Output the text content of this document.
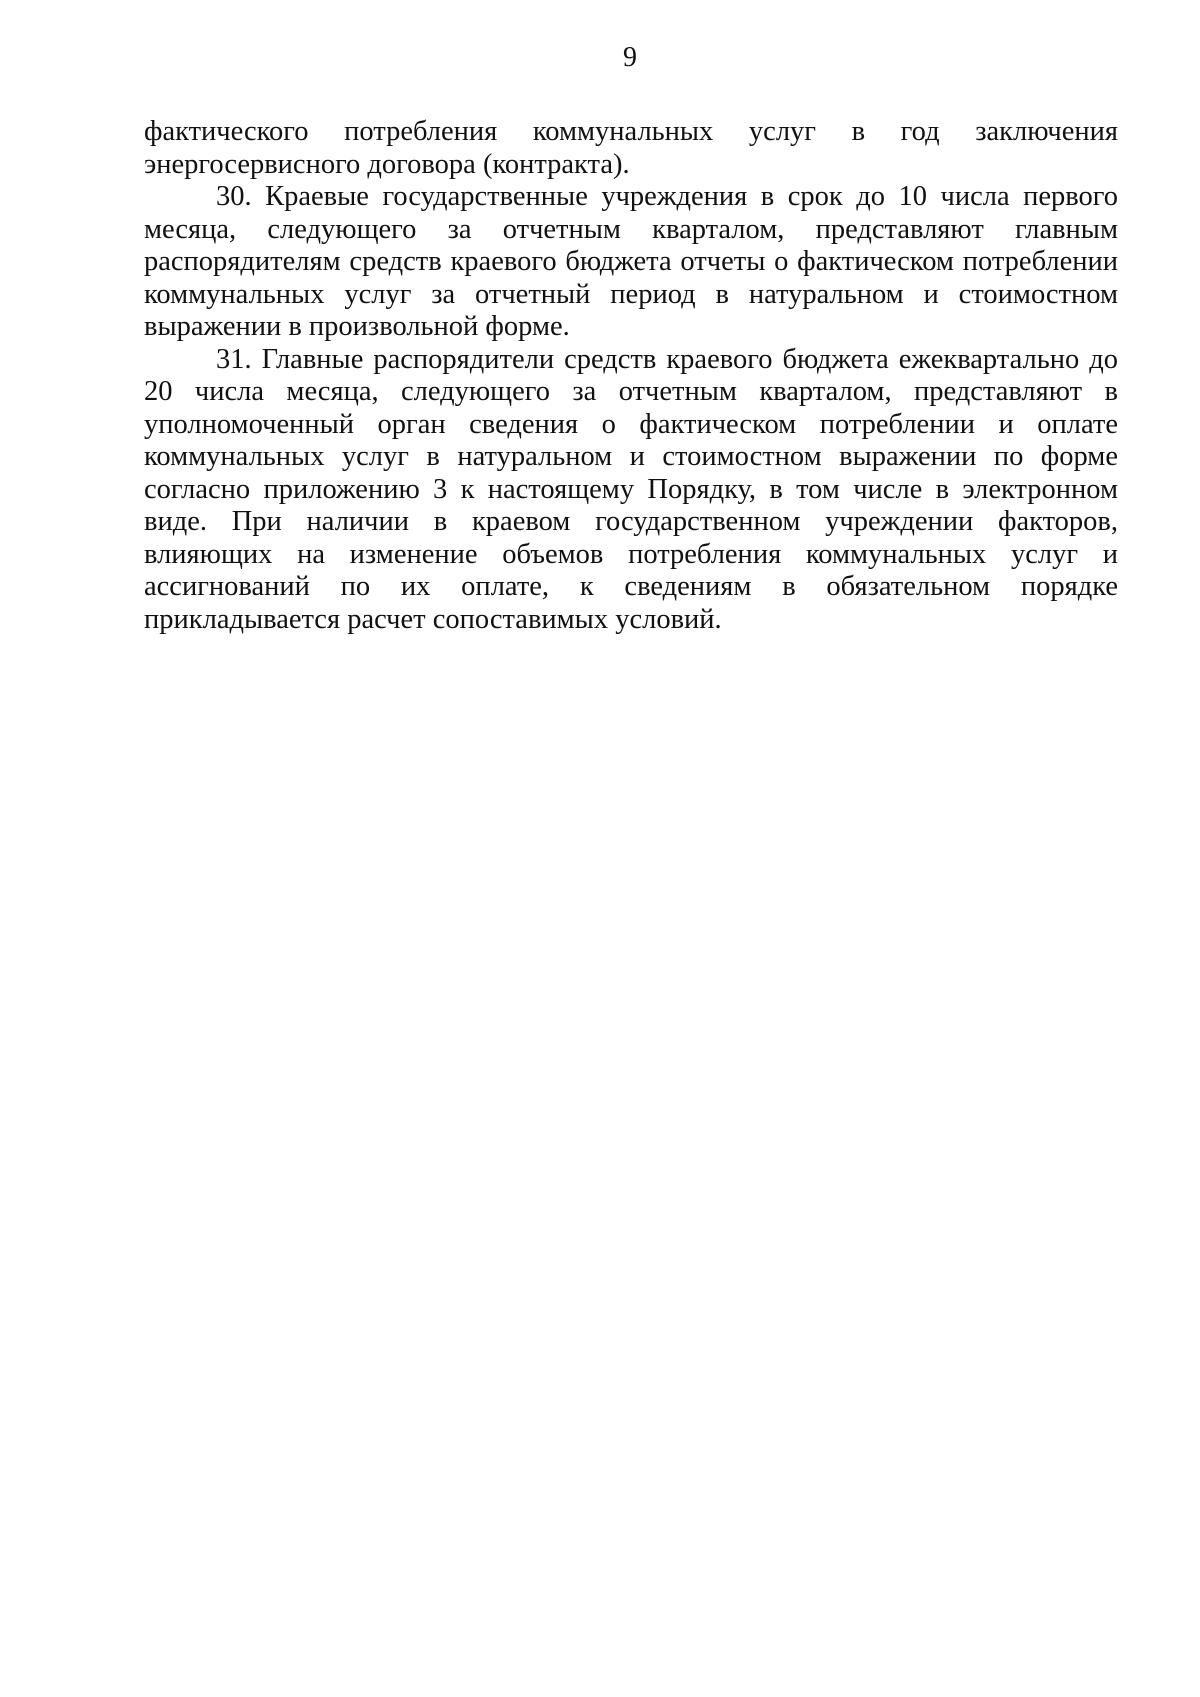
9

фактического потребления коммунальных услуг в год заключения энергосервисного договора (контракта).

30. Краевые государственные учреждения в срок до 10 числа первого месяца, следующего за отчетным кварталом, представляют главным распорядителям средств краевого бюджета отчеты о фактическом потреблении коммунальных услуг за отчетный период в натуральном и стоимостном выражении в произвольной форме.

31. Главные распорядители средств краевого бюджета ежеквартально до 20 числа месяца, следующего за отчетным кварталом, представляют в уполномоченный орган сведения о фактическом потреблении и оплате коммунальных услуг в натуральном и стоимостном выражении по форме согласно приложению 3 к настоящему Порядку, в том числе в электронном виде. При наличии в краевом государственном учреждении факторов, влияющих на изменение объемов потребления коммунальных услуг и ассигнований по их оплате, к сведениям в обязательном порядке прикладывается расчет сопоставимых условий.
